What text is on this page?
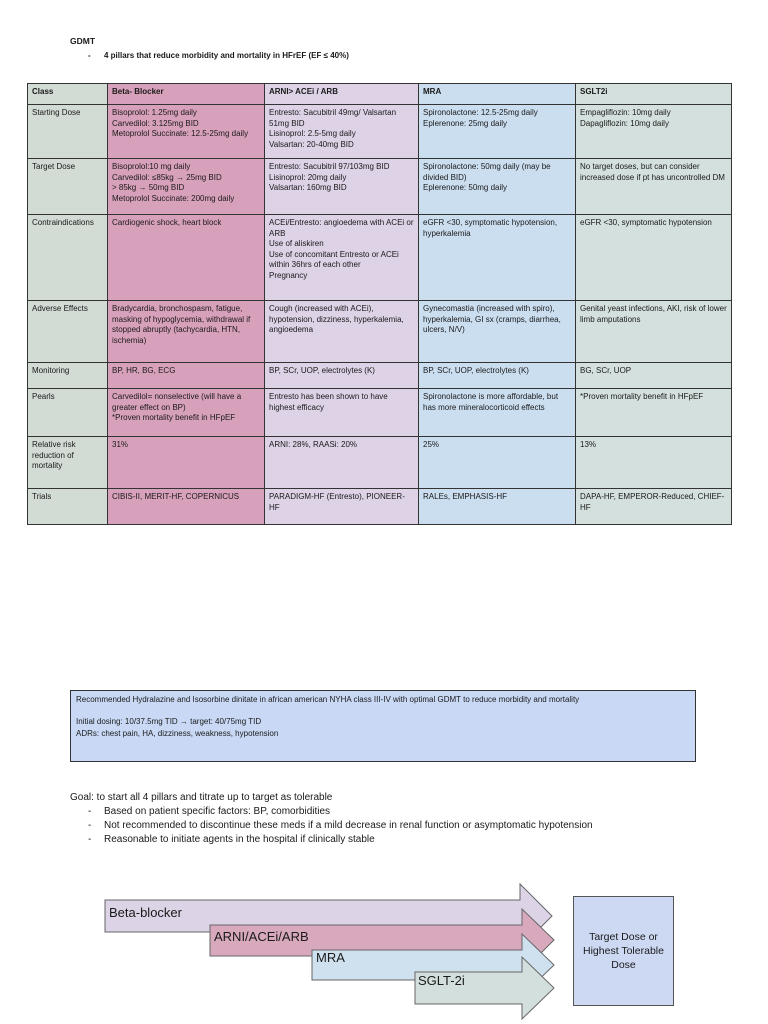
GDMT
- 4 pillars that reduce morbidity and mortality in HFrEF (EF ≤ 40%)
Class	Beta- Blocker	ARNI> ACEi / ARB	MRA	SGLT2i
Starting Dose	Bisoprolol: 1.25mg daily
Carvedilol: 3.125mg BID
Metoprolol Succinate: 12.5-25mg daily	Entresto: Sacubitril 49mg/ Valsartan 51mg BID
Lisinoprol: 2.5-5mg daily
Valsartan: 20-40mg BID	Spironolactone: 12.5-25mg daily
Eplerenone: 25mg daily	Empagliflozin: 10mg daily
Dapagliflozin: 10mg daily

Target Dose	Bisoprolol:10 mg daily
Carvedilol: ≤85kg → 25mg BID
> 85kg → 50mg BID
Metoprolol Succinate: 200mg daily	Entresto: Sacubitril 97/103mg BID
Lisinoprol: 20mg daily
Valsartan: 160mg BID	Spironolactone: 50mg daily (may be divided BID)
Eplerenone: 50mg daily	No target doses, but can consider increased dose if pt has uncontrolled DM

Contraindications	Cardiogenic shock, heart block	ACEi/Entresto: angioedema with ACEi or ARB
Use of aliskiren
Use of concomitant Entresto or ACEi within 36hrs of each other
Pregnancy	eGFR <30, symptomatic hypotension, hyperkalemia	eGFR <30, symptomatic hypotension

Adverse Effects	Bradycardia, bronchospasm, fatigue, masking of hypoglycemia, withdrawal if stopped abruptly (tachycardia, HTN, ischemia)	Cough (increased with ACEi), hypotension, dizziness, hyperkalemia, angioedema	Gynecomastia (increased with spiro), hyperkalemia, GI sx (cramps, diarrhea, ulcers, N/V)	Genital yeast infections, AKI, risk of lower limb amputations

Monitoring	BP, HR, BG, ECG	BP, SCr, UOP, electrolytes (K)	BP, SCr, UOP, electrolytes (K)	BG, SCr, UOP

Pearls	Carvedilol= nonselective (will have a greater effect on BP)
*Proven mortality benefit in HFpEF	Entresto has been shown to have highest efficacy	Spironolactone is more affordable, but has more mineralocorticoid effects	*Proven mortality benefit in HFpEF

Relative risk reduction of mortality	31%	ARNI: 28%, RAASi: 20%	25%	13%

Trials	CIBIS-II, MERIT-HF, COPERNICUS	PARADIGM-HF (Entresto), PIONEER-HF	RALEs, EMPHASIS-HF	DAPA-HF, EMPEROR-Reduced, CHIEF-HF
Recommended Hydralazine and Isosorbine dinitate in african american NYHA class III-IV with optimal GDMT to reduce morbidity and mortality
Initial dosing: 10/37.5mg TID → target: 40/75mg TID
ADRs: chest pain, HA, dizziness, weakness, hypotension
Goal: to start all 4 pillars and titrate up to target as tolerable
- Based on patient specific factors: BP, comorbidities
- Not recommended to discontinue these meds if a mild decrease in renal function or asymptomatic hypotension
- Reasonable to initiate agents in the hospital if clinically stable
Beta-blocker
ARNI/ACEi/ARB
MRA
SGLT-2i
Target Dose or Highest Tolerable Dose
